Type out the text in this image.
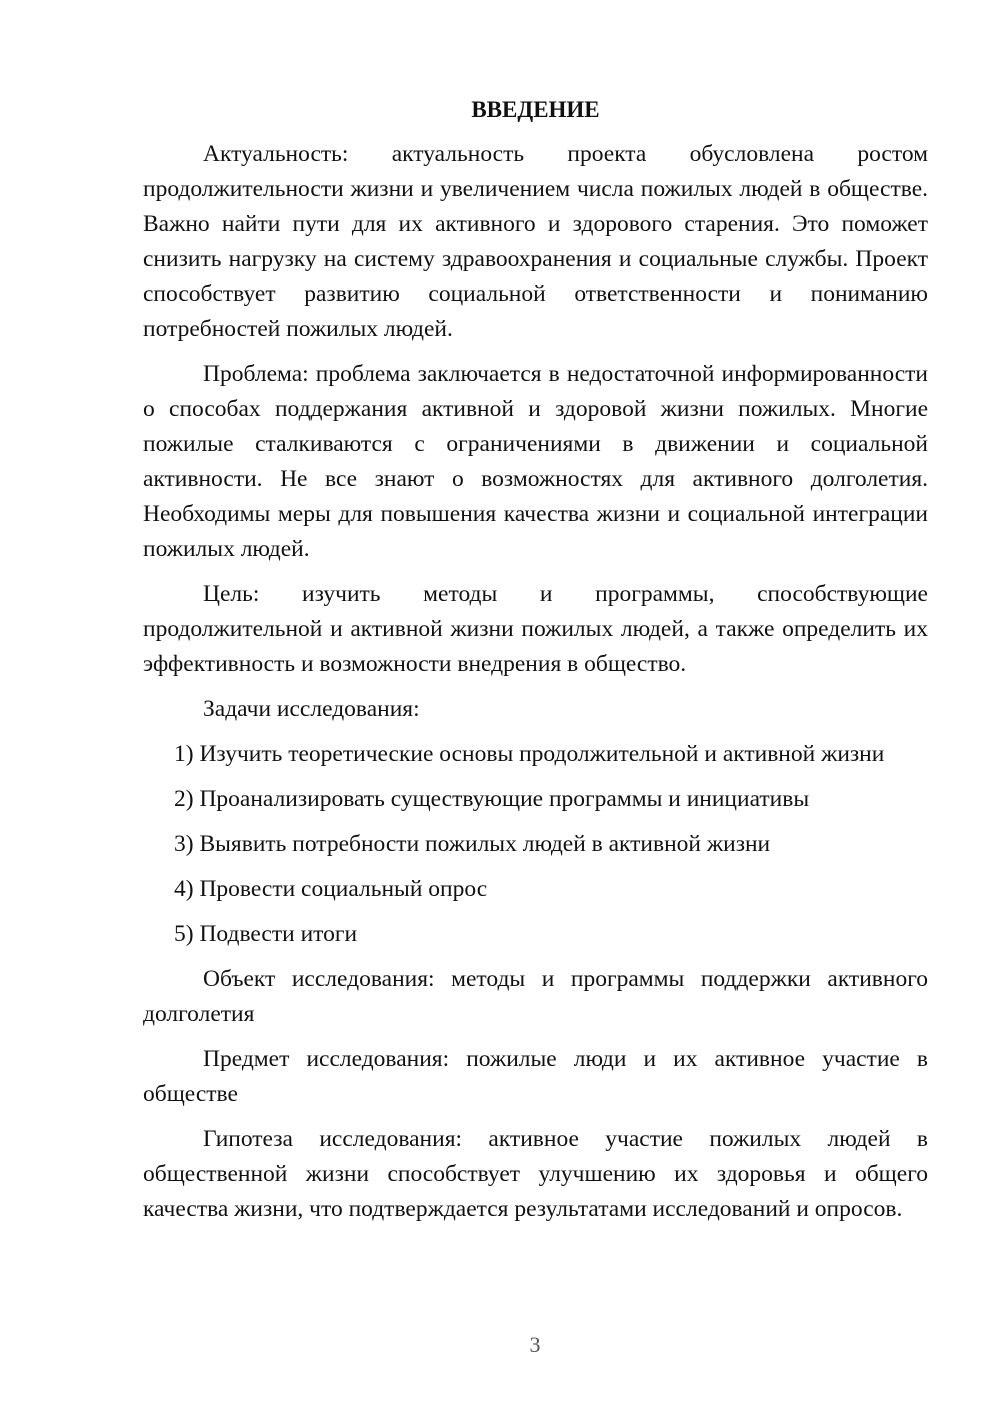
ВВЕДЕНИЕ

Актуальность: актуальность проекта обусловлена ростом продолжительности жизни и увеличением числа пожилых людей в обществе. Важно найти пути для их активного и здорового старения. Это поможет снизить нагрузку на систему здравоохранения и социальные службы. Проект способствует развитию социальной ответственности и пониманию потребностей пожилых людей.

Проблема: проблема заключается в недостаточной информированности о способах поддержания активной и здоровой жизни пожилых. Многие пожилые сталкиваются с ограничениями в движении и социальной активности. Не все знают о возможностях для активного долголетия. Необходимы меры для повышения качества жизни и социальной интеграции пожилых людей.

Цель: изучить методы и программы, способствующие продолжительной и активной жизни пожилых людей, а также определить их эффективность и возможности внедрения в общество.

Задачи исследования:

1) Изучить теоретические основы продолжительной и активной жизни
2) Проанализировать существующие программы и инициативы
3) Выявить потребности пожилых людей в активной жизни
4) Провести социальный опрос
5) Подвести итоги

Объект исследования: методы и программы поддержки активного долголетия

Предмет исследования: пожилые люди и их активное участие в обществе

Гипотеза исследования: активное участие пожилых людей в общественной жизни способствует улучшению их здоровья и общего качества жизни, что подтверждается результатами исследований и опросов.

3
